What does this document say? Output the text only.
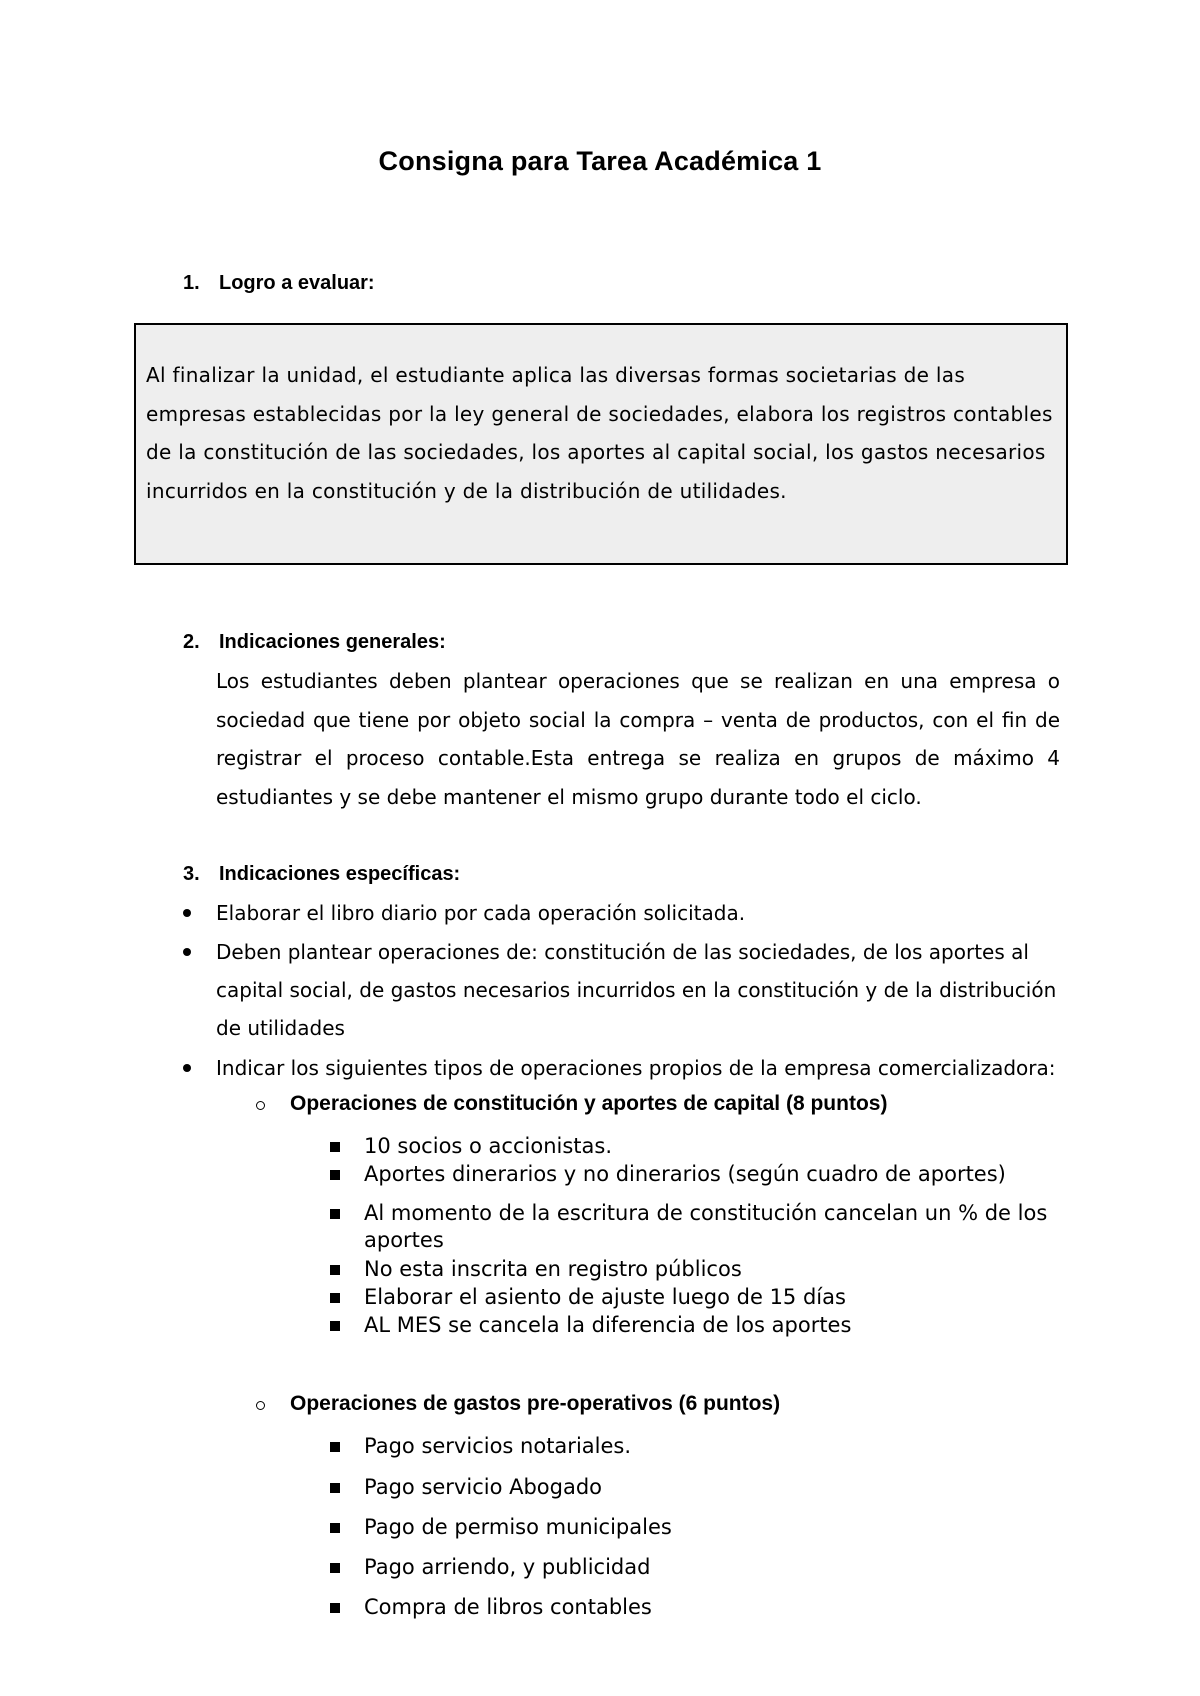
Consigna para Tarea Académica 1
1. Logro a evaluar:
Al finalizar la unidad, el estudiante aplica las diversas formas societarias de las empresas establecidas por la ley general de sociedades, elabora los registros contables de la constitución de las sociedades, los aportes al capital social, los gastos necesarios incurridos en la constitución y de la distribución de utilidades.
2. Indicaciones generales:
Los estudiantes deben plantear operaciones que se realizan en una empresa o sociedad que tiene por objeto social la compra – venta de productos, con el fin de registrar el proceso contable.Esta entrega se realiza en grupos de máximo 4 estudiantes y se debe mantener el mismo grupo durante todo el ciclo.
3. Indicaciones específicas:
Elaborar el libro diario por cada operación solicitada.
Deben plantear operaciones de: constitución de las sociedades, de los aportes al capital social, de gastos necesarios incurridos en la constitución y de la distribución de utilidades
Indicar los siguientes tipos de operaciones propios de la empresa comercializadora:
Operaciones de constitución y aportes de capital (8 puntos)
10 socios o accionistas.
Aportes dinerarios y no dinerarios (según cuadro de aportes)
Al momento de la escritura de constitución cancelan un % de los aportes
No esta inscrita en registro públicos
Elaborar el asiento de ajuste luego de 15 días
AL MES se cancela la diferencia de los aportes
Operaciones de gastos pre-operativos (6 puntos)
Pago servicios notariales.
Pago servicio Abogado
Pago de permiso municipales
Pago arriendo, y publicidad
Compra de libros contables
